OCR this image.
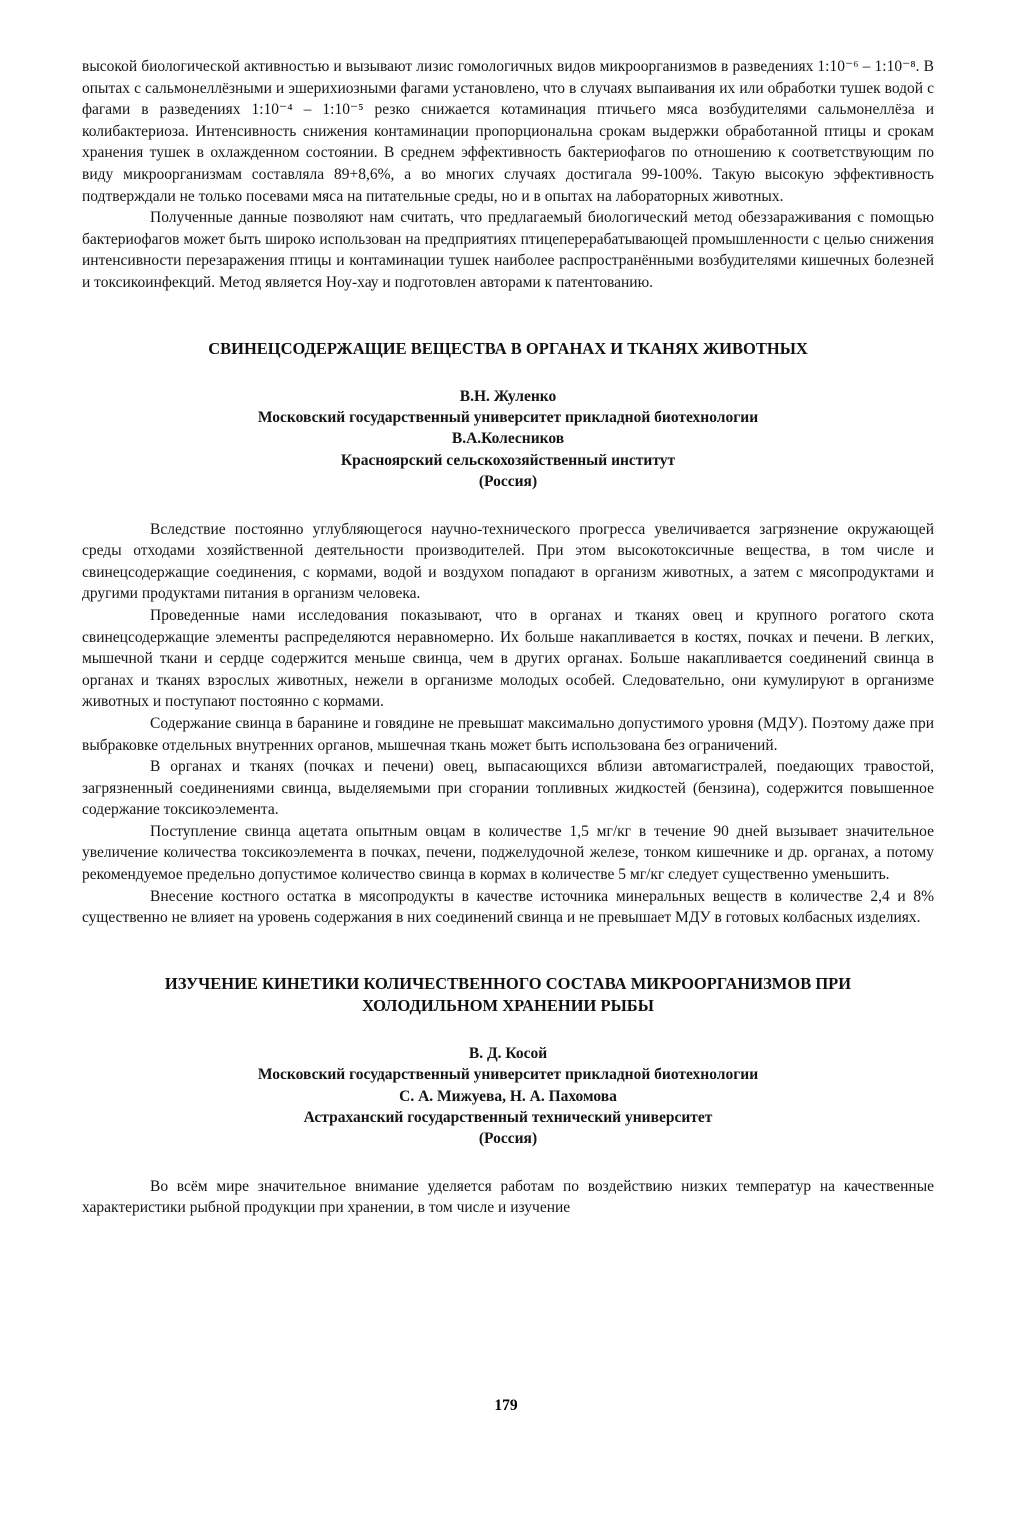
высокой биологической активностью и вызывают лизис гомологичных видов микроорганизмов в разведениях 1:10⁻⁶ – 1:10⁻⁸. В опытах с сальмонеллёзными и эшерихиозными фагами установлено, что в случаях выпаивания их или обработки тушек водой с фагами в разведениях 1:10⁻⁴ – 1:10⁻⁵ резко снижается котаминация птичьего мяса возбудителями сальмонеллёза и колибактериоза. Интенсивность снижения контаминации пропорциональна срокам выдержки обработанной птицы и срокам хранения тушек в охлажденном состоянии. В среднем эффективность бактериофагов по отношению к соответствующим по виду микроорганизмам составляла 89+8,6%, а во многих случаях достигала 99-100%. Такую высокую эффективность подтверждали не только посевами мяса на питательные среды, но и в опытах на лабораторных животных.

Полученные данные позволяют нам считать, что предлагаемый биологический метод обеззараживания с помощью бактериофагов может быть широко использован на предприятиях птицеперерабатывающей промышленности с целью снижения интенсивности перезаражения птицы и контаминации тушек наиболее распространёнными возбудителями кишечных болезней и токсикоинфекций. Метод является Ноу-хау и подготовлен авторами к патентованию.

СВИНЕЦСОДЕРЖАЩИЕ ВЕЩЕСТВА В ОРГАНАХ И ТКАНЯХ ЖИВОТНЫХ
В.Н. Жуленко
Московский государственный университет прикладной биотехнологии
В.А.Колесников
Красноярский сельскохозяйственный институт
(Россия)

Вследствие постоянно углубляющегося научно-технического прогресса увеличивается загрязнение окружающей среды отходами хозяйственной деятельности производителей. При этом высокотоксичные вещества, в том числе и свинецсодержащие соединения, с кормами, водой и воздухом попадают в организм животных, а затем с мясопродуктами и другими продуктами питания в организм человека.

Проведенные нами исследования показывают, что в органах и тканях овец и крупного рогатого скота свинецсодержащие элементы распределяются неравномерно. Их больше накапливается в костях, почках и печени. В легких, мышечной ткани и сердце содержится меньше свинца, чем в других органах. Больше накапливается соединений свинца в органах и тканях взрослых животных, нежели в организме молодых особей. Следовательно, они кумулируют в организме животных и поступают постоянно с кормами.

Содержание свинца в баранине и говядине не превышат максимально допустимого уровня (МДУ). Поэтому даже при выбраковке отдельных внутренних органов, мышечная ткань может быть использована без ограничений.

В органах и тканях (почках и печени) овец, выпасающихся вблизи автомагистралей, поедающих травостой, загрязненный соединениями свинца, выделяемыми при сгорании топливных жидкостей (бензина), содержится повышенное содержание токсикоэлемента.

Поступление свинца ацетата опытным овцам в количестве 1,5 мг/кг в течение 90 дней вызывает значительное увеличение количества токсикоэлемента в почках, печени, поджелудочной железе, тонком кишечнике и др. органах, а потому рекомендуемое предельно допустимое количество свинца в кормах в количестве 5 мг/кг следует существенно уменьшить.

Внесение костного остатка в мясопродукты в качестве источника минеральных веществ в количестве 2,4 и 8% существенно не влияет на уровень содержания в них соединений свинца и не превышает МДУ в готовых колбасных изделиях.

ИЗУЧЕНИЕ КИНЕТИКИ КОЛИЧЕСТВЕННОГО СОСТАВА МИКРООРГАНИЗМОВ ПРИ
ХОЛОДИЛЬНОМ ХРАНЕНИИ РЫБЫ
В. Д. Косой
Московский государственный университет прикладной биотехнологии
С. А. Мижуева, Н. А. Пахомова
Астраханский государственный технический университет
(Россия)

Во всём мире значительное внимание уделяется работам по воздействию низких температур на качественные характеристики рыбной продукции при хранении, в том числе и изучение

179
